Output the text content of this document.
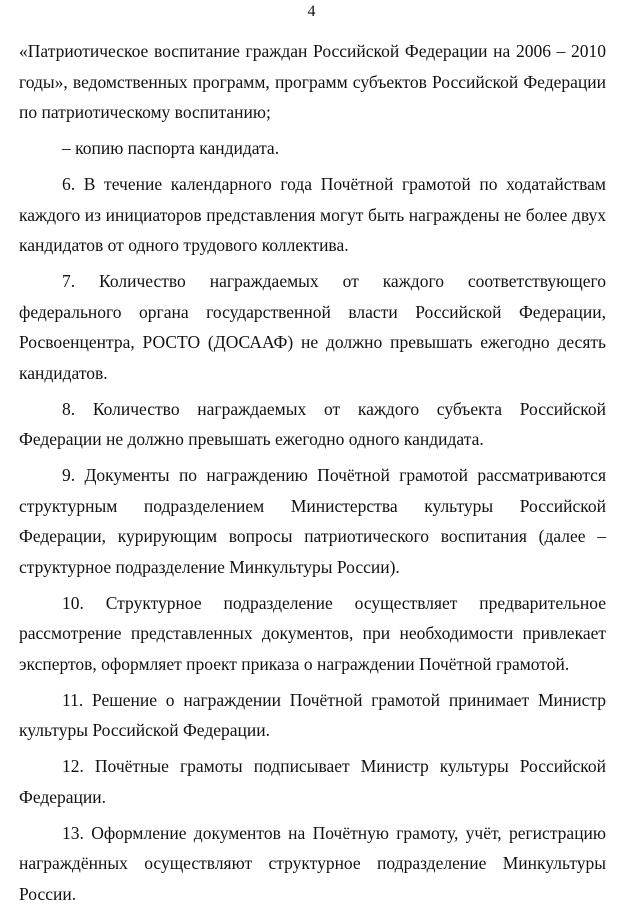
4

«Патриотическое воспитание граждан Российской Федерации на 2006 – 2010 годы», ведомственных программ, программ субъектов Российской Федерации по патриотическому воспитанию;

– копию паспорта кандидата.

6. В течение календарного года Почётной грамотой по ходатайствам каждого из инициаторов представления могут быть награждены не более двух кандидатов от одного трудового коллектива.

7. Количество награждаемых от каждого соответствующего федерального органа государственной власти Российской Федерации, Росвоенцентра, РОСТО (ДОСААФ) не должно превышать ежегодно десять кандидатов.

8. Количество награждаемых от каждого субъекта Российской Федерации не должно превышать ежегодно одного кандидата.

9. Документы по награждению Почётной грамотой рассматриваются структурным подразделением Министерства культуры Российской Федерации, курирующим вопросы патриотического воспитания (далее – структурное подразделение Минкультуры России).

10. Структурное подразделение осуществляет предварительное рассмотрение представленных документов, при необходимости привлекает экспертов, оформляет проект приказа о награждении Почётной грамотой.

11. Решение о награждении Почётной грамотой принимает Министр культуры Российской Федерации.

12. Почётные грамоты подписывает Министр культуры Российской Федерации.

13. Оформление документов на Почётную грамоту, учёт, регистрацию награждённых осуществляют структурное подразделение Минкультуры России.
